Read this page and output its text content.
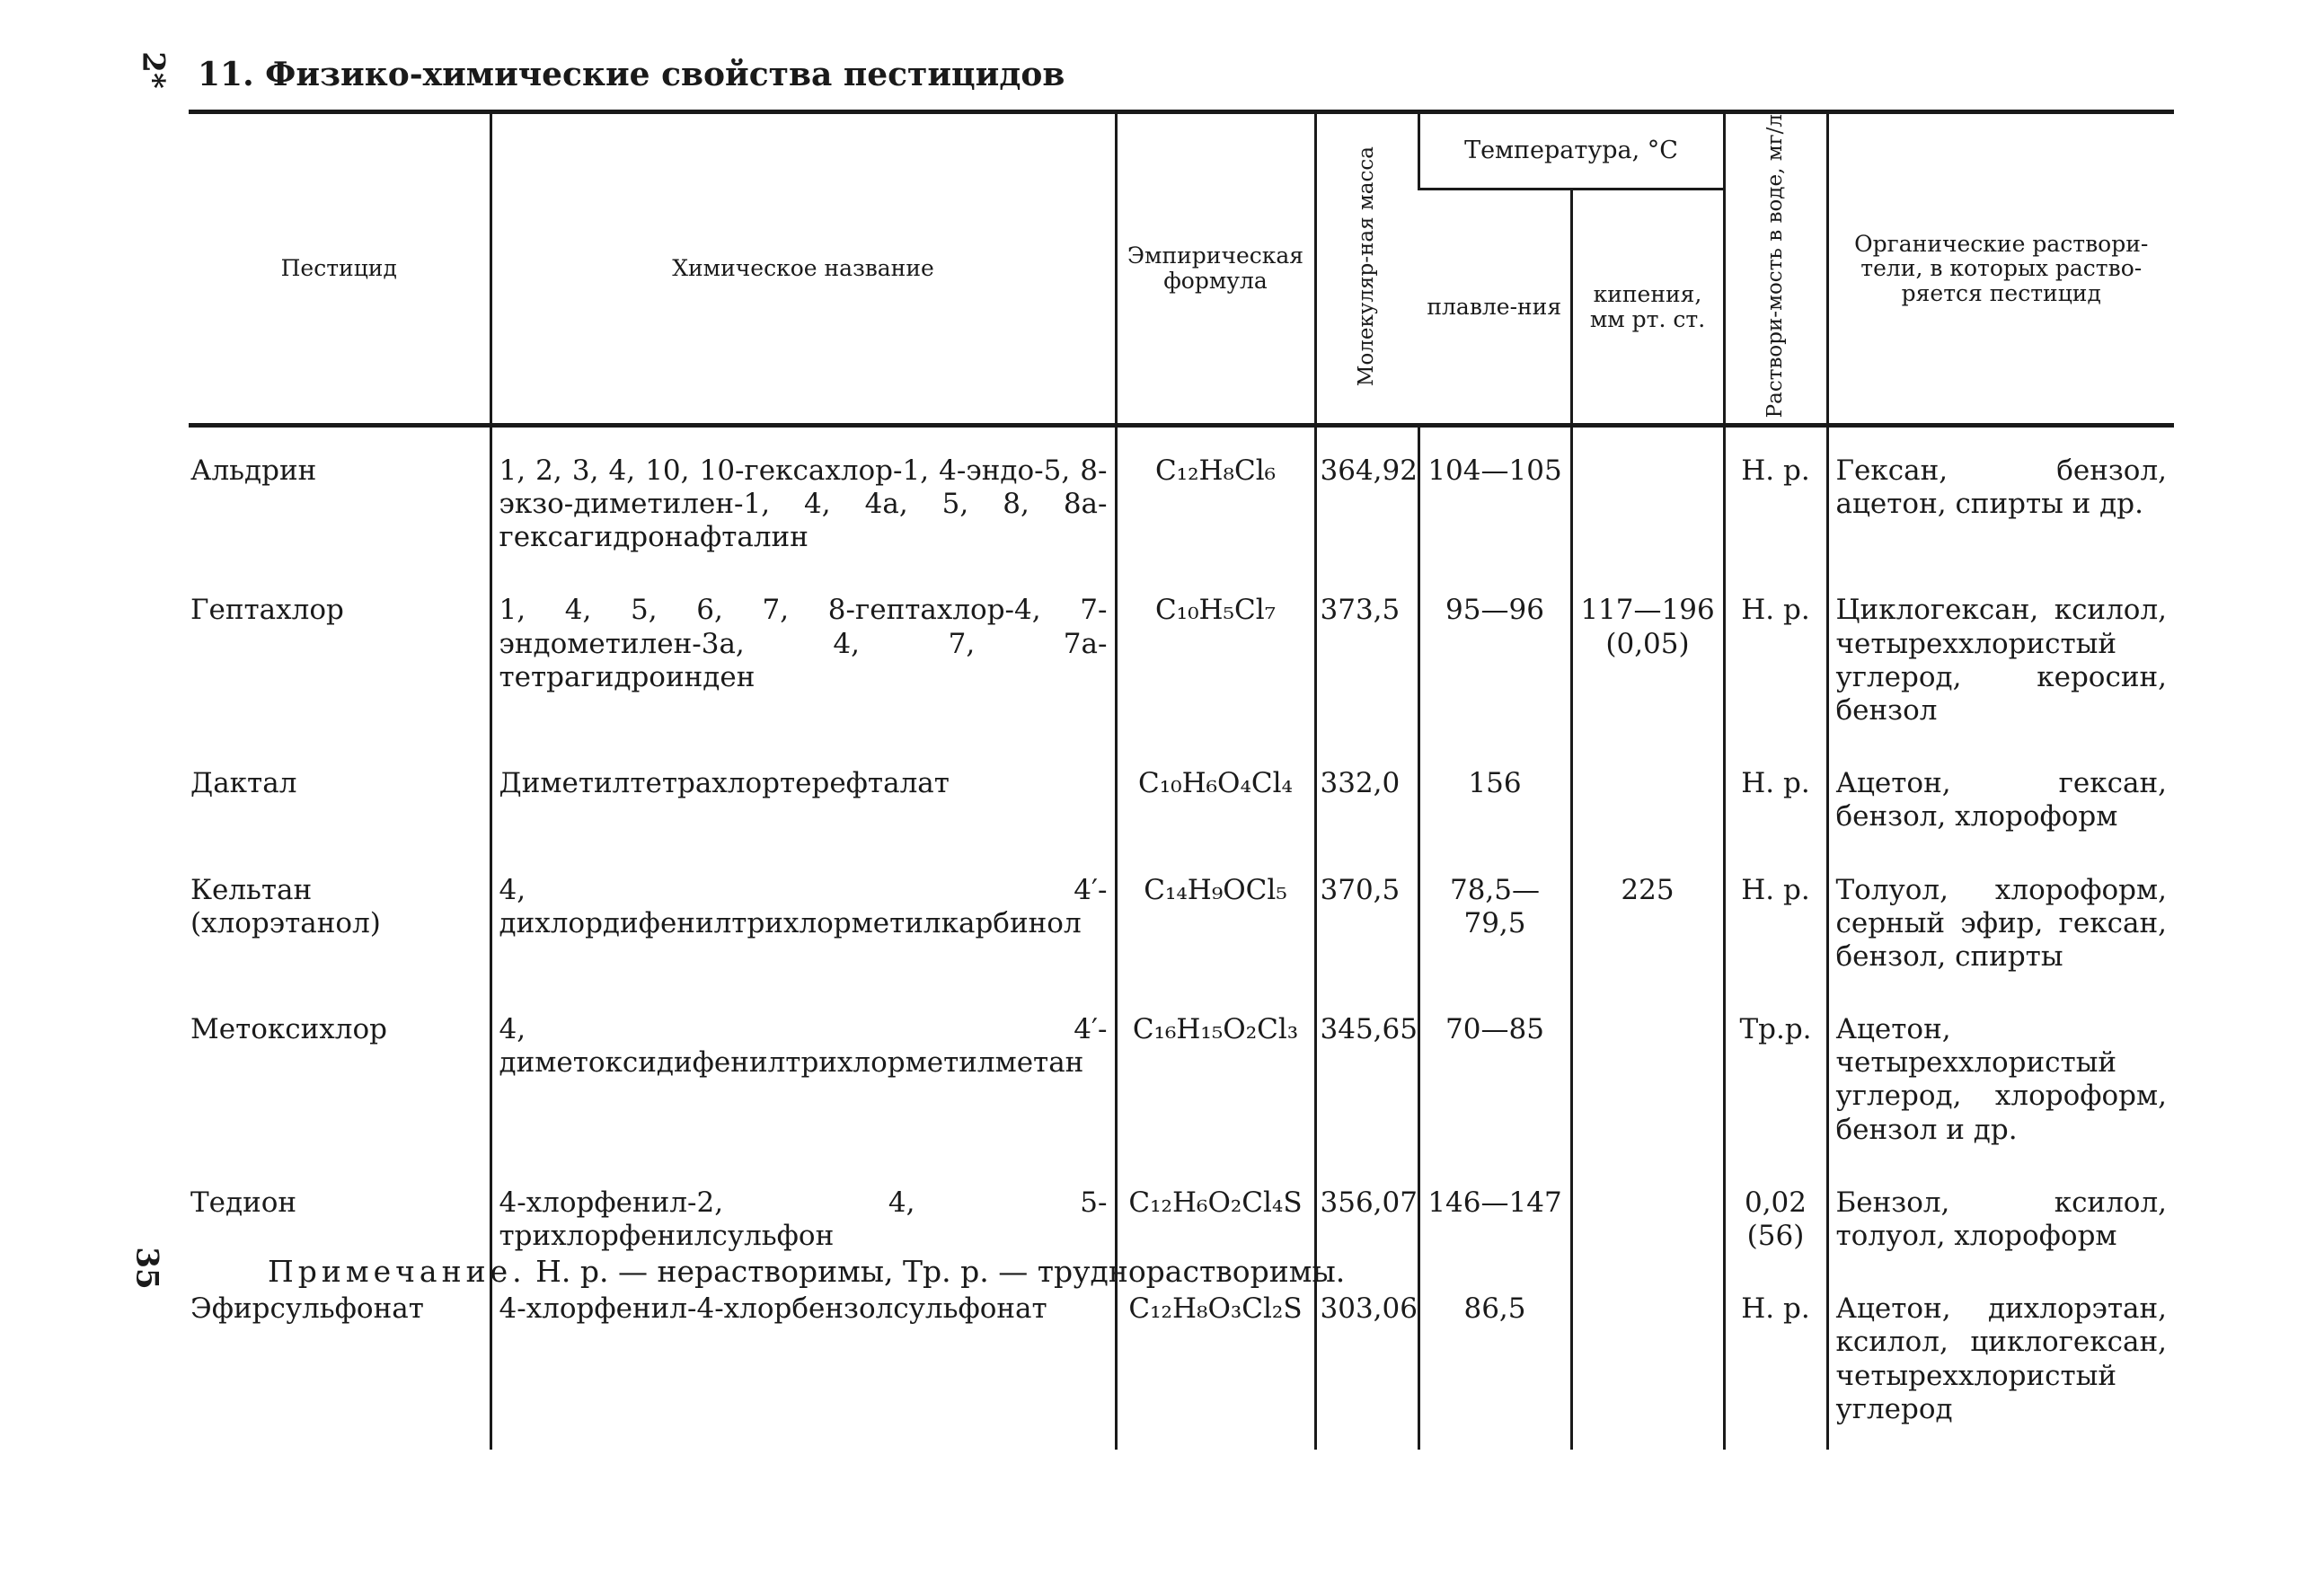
2*
35
11. Физико-химические свойства пестицидов
Пестицид	Химическое название	Эмпирическая формула	Молекуляр-ная масса	Температура, °С		Раствори-мость в воде, мг/л	Органические раствори-тели, в которых раство-ряется пестицид
				плавле-ния	кипения, мм рт. ст.		
Альдрин	1, 2, 3, 4, 10, 10-гексахлор-1, 4-эндо-5, 8-экзо-диметилен-1, 4, 4а, 5, 8, 8а-гексагидронафталин	C₁₂H₈Cl₆	364,92	104—105		Н. р.	Гексан, бензол, ацетон, спирты и др.
Гептахлор	1, 4, 5, 6, 7, 8-гептахлор-4, 7-эндометилен-3а, 4, 7, 7а-тетрагидроинден	C₁₀H₅Cl₇	373,5	95—96	117—196 (0,05)	Н. р.	Циклогексан, ксилол, четыреххлористый углерод, керосин, бензол
Дактал	Диметилтетрахлортерефталат	C₁₀H₆O₄Cl₄	332,0	156		Н. р.	Ацетон, гексан, бензол, хлороформ
Кельтан (хлорэтанол)	4, 4′-дихлордифенилтрихлорметилкарбинол	C₁₄H₉OCl₅	370,5	78,5—79,5	225	Н. р.	Толуол, хлороформ, серный эфир, гексан, бензол, спирты
Метоксихлор	4, 4′-диметоксидифенилтрихлорметилметан	C₁₆H₁₅O₂Cl₃	345,65	70—85		Тр.р.	Ацетон, четыреххлористый углерод, хлороформ, бензол и др.
Тедион	4-хлорфенил-2, 4, 5-трихлорфенилсульфон	C₁₂H₆O₂Cl₄S	356,07	146—147		0,02 (56)	Бензол, ксилол, толуол, хлороформ
Эфирсульфонат	4-хлорфенил-4-хлорбензолсульфонат	C₁₂H₈O₃Cl₂S	303,06	86,5		Н. р.	Ацетон, дихлорэтан, ксилол, циклогексан, четыреххлористый углерод
Примечание. Н. р. — нерастворимы, Тр. р. — труднорастворимы.
